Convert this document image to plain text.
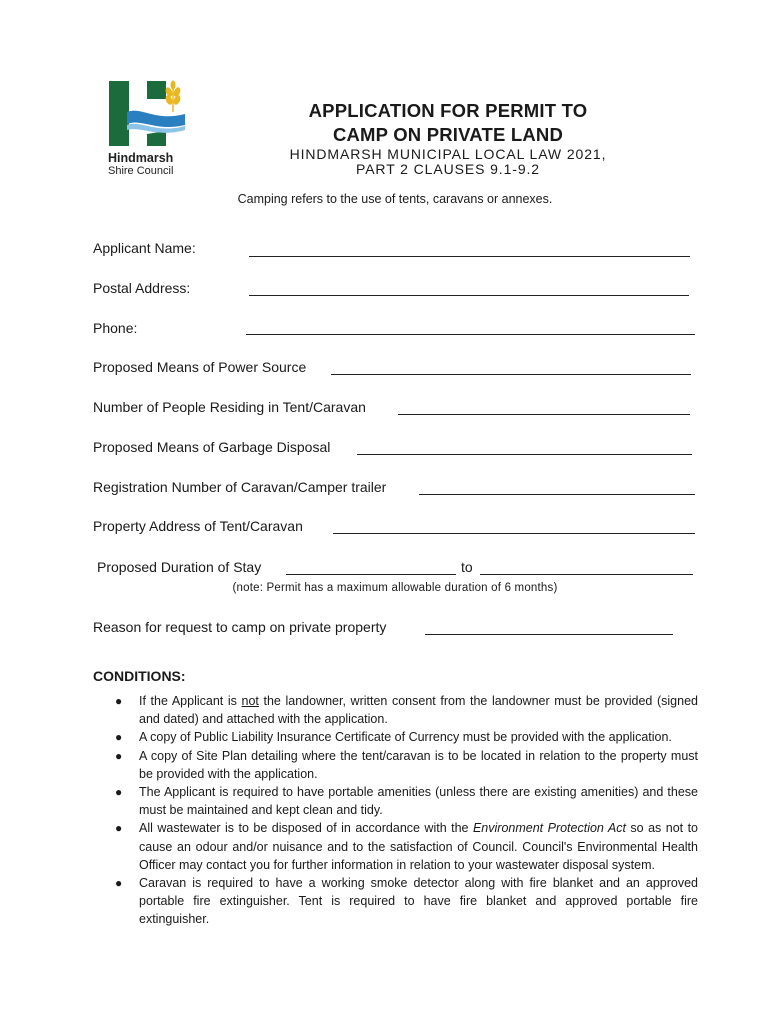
Hindmarsh
Shire Council
APPLICATION FOR PERMIT TO
CAMP ON PRIVATE LAND
HINDMARSH MUNICIPAL LOCAL LAW 2021,
PART 2 CLAUSES 9.1-9.2
Camping refers to the use of tents, caravans or annexes.
Applicant Name:
Postal Address:
Phone:
Proposed Means of Power Source
Number of People Residing in Tent/Caravan
Proposed Means of Garbage Disposal
Registration Number of Caravan/Camper trailer
Property Address of Tent/Caravan
Proposed Duration of Stay	to
(note: Permit has a maximum allowable duration of 6 months)
Reason for request to camp on private property
CONDITIONS:
● If the Applicant is not the landowner, written consent from the landowner must be provided (signed and dated) and attached with the application.
● A copy of Public Liability Insurance Certificate of Currency must be provided with the application.
● A copy of Site Plan detailing where the tent/caravan is to be located in relation to the property must be provided with the application.
● The Applicant is required to have portable amenities (unless there are existing amenities) and these must be maintained and kept clean and tidy.
● All wastewater is to be disposed of in accordance with the Environment Protection Act so as not to cause an odour and/or nuisance and to the satisfaction of Council. Council's Environmental Health Officer may contact you for further information in relation to your wastewater disposal system.
● Caravan is required to have a working smoke detector along with fire blanket and an approved portable fire extinguisher. Tent is required to have fire blanket and approved portable fire extinguisher.
